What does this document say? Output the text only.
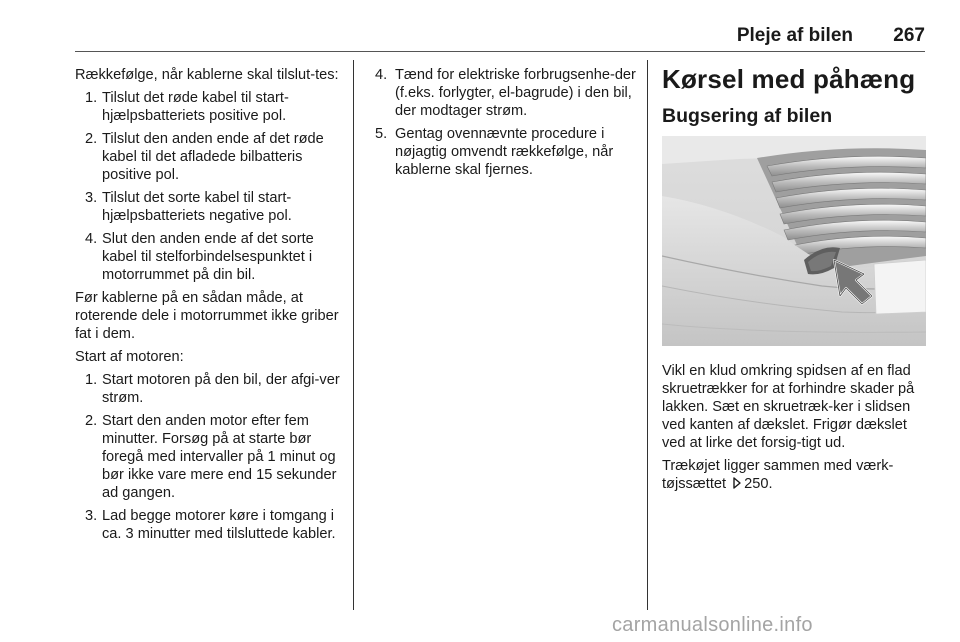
Pleje af bilen 267

Rækkefølge, når kablerne skal tilslut-tes:

1. Tilslut det røde kabel til start-hjælpsbatteriets positive pol.
2. Tilslut den anden ende af det røde kabel til det afladede bilbatteris positive pol.
3. Tilslut det sorte kabel til start-hjælpsbatteriets negative pol.
4. Slut den anden ende af det sorte kabel til stelforbindelsespunktet i motorrummet på din bil.

Før kablerne på en sådan måde, at roterende dele i motorrummet ikke griber fat i dem.

Start af motoren:

1. Start motoren på den bil, der afgi-ver strøm.
2. Start den anden motor efter fem minutter. Forsøg på at starte bør foregå med intervaller på 1 minut og bør ikke vare mere end 15 sekunder ad gangen.
3. Lad begge motorer køre i tomgang i ca. 3 minutter med tilsluttede kabler.
4. Tænd for elektriske forbrugsenhe-der (f.eks. forlygter, el-bagrude) i den bil, der modtager strøm.
5. Gentag ovennævnte procedure i nøjagtig omvendt rækkefølge, når kablerne skal fjernes.
Kørsel med påhæng
Bugsering af bilen

Vikl en klud omkring spidsen af en flad skruetrækker for at forhindre skader på lakken. Sæt en skruetræk-ker i slidsen ved kanten af dækslet. Frigør dækslet ved at lirke det forsig-tigt ud.

Trækøjet ligger sammen med værk-tøjssættet 250.

carmanualsonline.info
